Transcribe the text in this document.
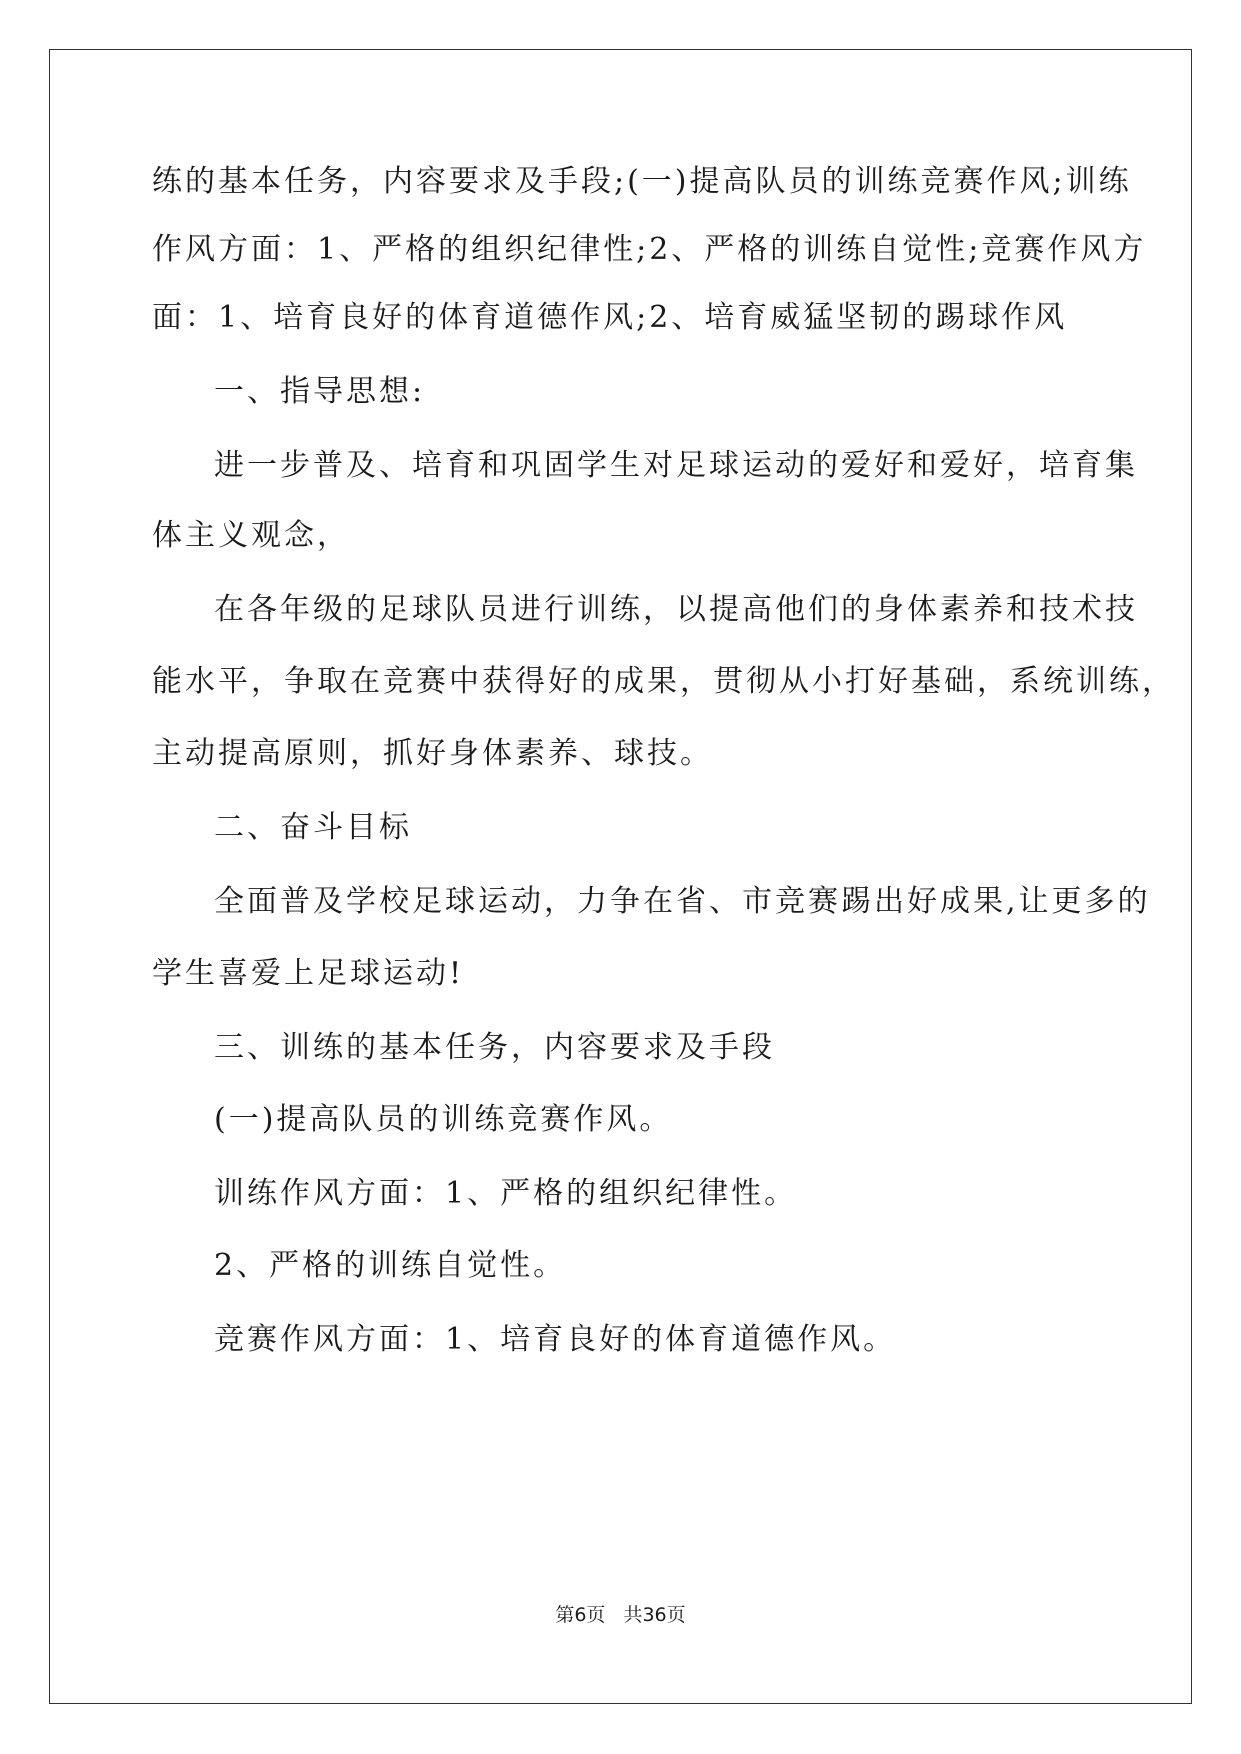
练的基本任务，内容要求及手段;(一)提高队员的训练竞赛作风;训练
作风方面：1、严格的组织纪律性;2、严格的训练自觉性;竞赛作风方
面：1、培育良好的体育道德作风;2、培育威猛坚韧的踢球作风
一、指导思想:
进一步普及、培育和巩固学生对足球运动的爱好和爱好，培育集
体主义观念，
在各年级的足球队员进行训练，以提高他们的身体素养和技术技
能水平，争取在竞赛中获得好的成果，贯彻从小打好基础，系统训练，
主动提高原则，抓好身体素养、球技。
二、奋斗目标
全面普及学校足球运动，力争在省、市竞赛踢出好成果,让更多的
学生喜爱上足球运动!
三、训练的基本任务，内容要求及手段
(一)提高队员的训练竞赛作风。
训练作风方面：1、严格的组织纪律性。
2、严格的训练自觉性。
竞赛作风方面：1、培育良好的体育道德作风。
第6页 共36页
